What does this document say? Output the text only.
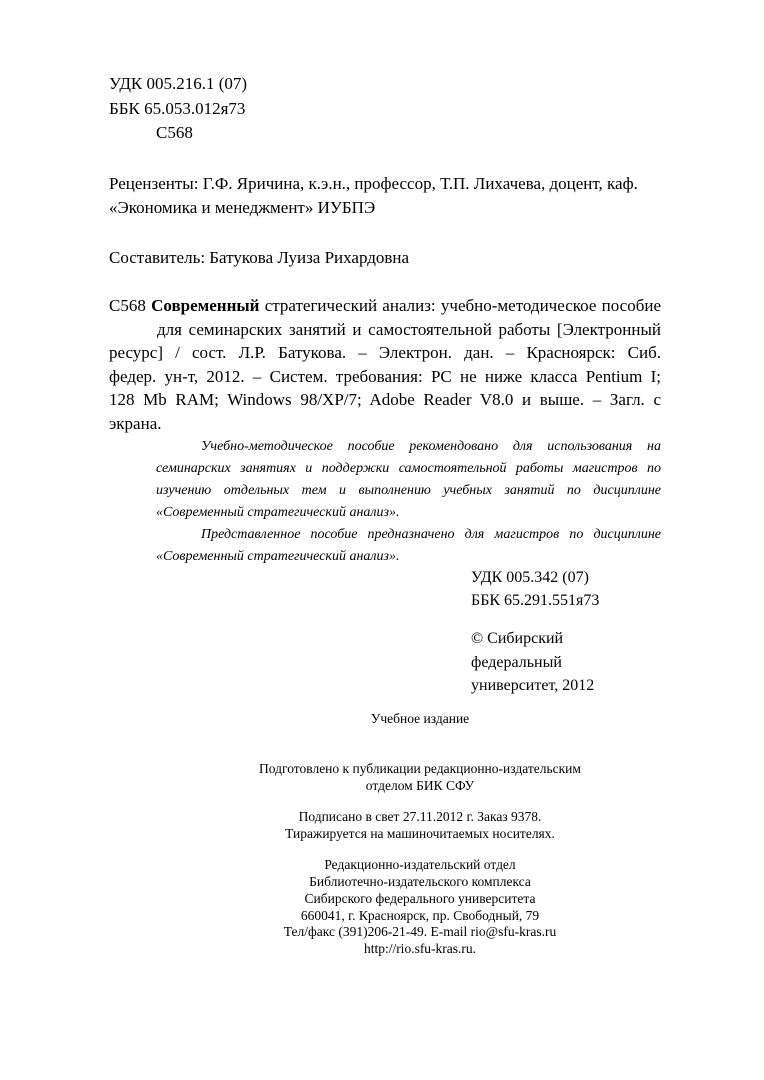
УДК 005.216.1 (07)
ББК 65.053.012я73
С568
Рецензенты: Г.Ф. Яричина, к.э.н., профессор, Т.П. Лихачева, доцент, каф.
«Экономика и менеджмент» ИУБПЭ
Составитель: Батукова Луиза Рихардовна
С568 Современный стратегический анализ: учебно-методическое пособие
для семинарских занятий и самостоятельной работы [Электронный
ресурс] / сост. Л.Р. Батукова. – Электрон. дан. – Красноярск: Сиб.
федер. ун-т, 2012. – Систем. требования: PC не ниже класса Pentium I;
128 Mb RAM; Windows 98/XP/7; Adobe Reader V8.0 и выше. – Загл. с
экрана.
Учебно-методическое пособие рекомендовано для использования на
семинарских занятиях и поддержки самостоятельной работы магистров по
изучению отдельных тем и выполнению учебных занятий по дисциплине
«Современный стратегический анализ».
Представленное пособие предназначено для магистров по дисциплине
«Современный стратегический анализ».
УДК 005.342 (07)
ББК 65.291.551я73
© Сибирский
федеральный
университет, 2012
Учебное издание
Подготовлено к публикации редакционно-издательским
отделом БИК СФУ
Подписано в свет 27.11.2012 г. Заказ 9378.
Тиражируется на машиночитаемых носителях.
Редакционно-издательский отдел
Библиотечно-издательского комплекса
Сибирского федерального университета
660041, г. Красноярск, пр. Свободный, 79
Тел/факс (391)206-21-49. E-mail rio@sfu-kras.ru
http://rio.sfu-kras.ru.
